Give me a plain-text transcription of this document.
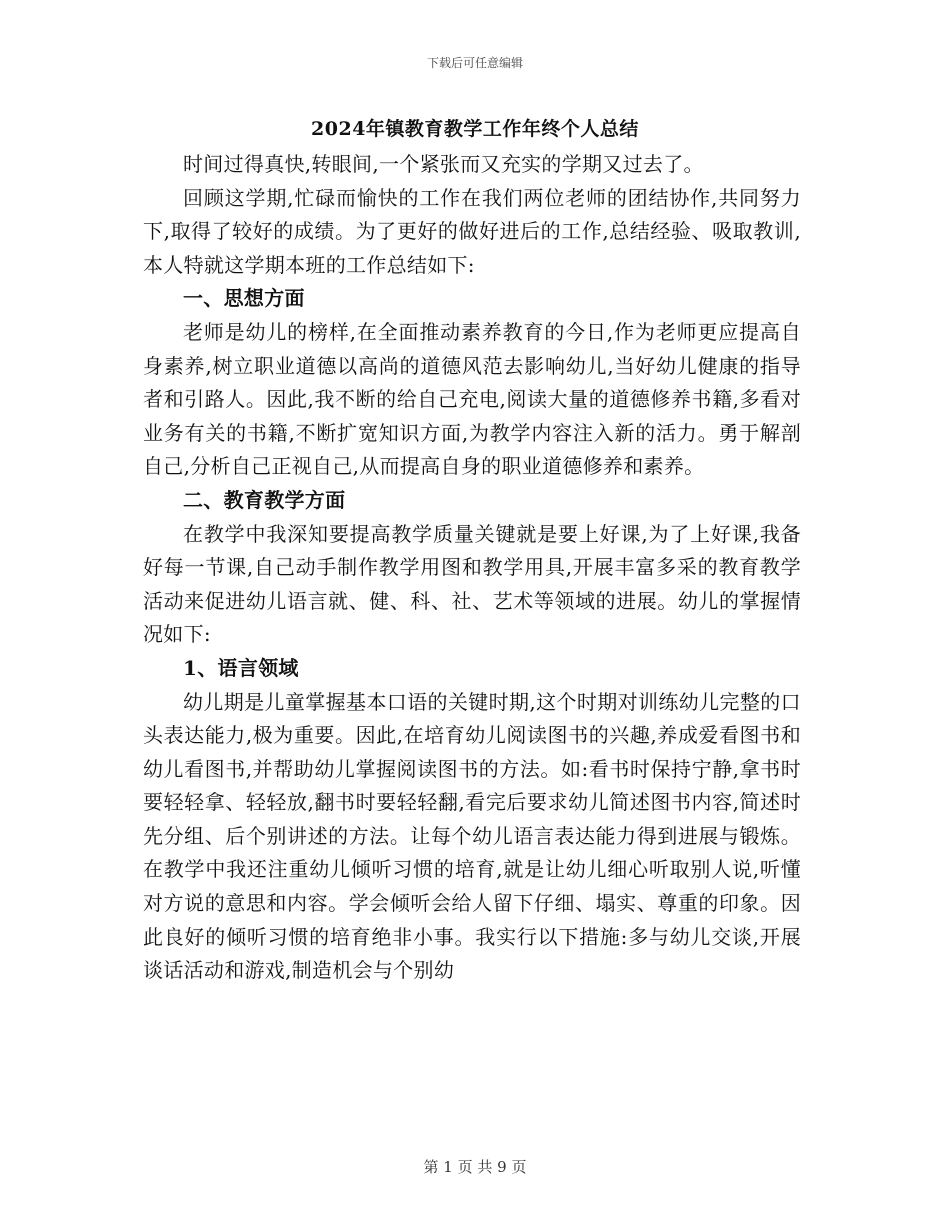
下载后可任意编辑
2024年镇教育教学工作年终个人总结

时间过得真快,转眼间,一个紧张而又充实的学期又过去了。

回顾这学期,忙碌而愉快的工作在我们两位老师的团结协作,共同努力下,取得了较好的成绩。为了更好的做好进后的工作,总结经验、吸取教训,本人特就这学期本班的工作总结如下:

一、思想方面

老师是幼儿的榜样,在全面推动素养教育的今日,作为老师更应提高自身素养,树立职业道德以高尚的道德风范去影响幼儿,当好幼儿健康的指导者和引路人。因此,我不断的给自己充电,阅读大量的道德修养书籍,多看对业务有关的书籍,不断扩宽知识方面,为教学内容注入新的活力。勇于解剖自己,分析自己正视自己,从而提高自身的职业道德修养和素养。

二、教育教学方面

在教学中我深知要提高教学质量关键就是要上好课,为了上好课,我备好每一节课,自己动手制作教学用图和教学用具,开展丰富多采的教育教学活动来促进幼儿语言就、健、科、社、艺术等领域的进展。幼儿的掌握情况如下:

1、语言领域

幼儿期是儿童掌握基本口语的关键时期,这个时期对训练幼儿完整的口头表达能力,极为重要。因此,在培育幼儿阅读图书的兴趣,养成爱看图书和幼儿看图书,并帮助幼儿掌握阅读图书的方法。如:看书时保持宁静,拿书时要轻轻拿、轻轻放,翻书时要轻轻翻,看完后要求幼儿简述图书内容,简述时先分组、后个别讲述的方法。让每个幼儿语言表达能力得到进展与锻炼。在教学中我还注重幼儿倾听习惯的培育,就是让幼儿细心听取别人说,听懂对方说的意思和内容。学会倾听会给人留下仔细、塌实、尊重的印象。因此良好的倾听习惯的培育绝非小事。我实行以下措施:多与幼儿交谈,开展谈话活动和游戏,制造机会与个别幼

第 1 页 共 9 页
